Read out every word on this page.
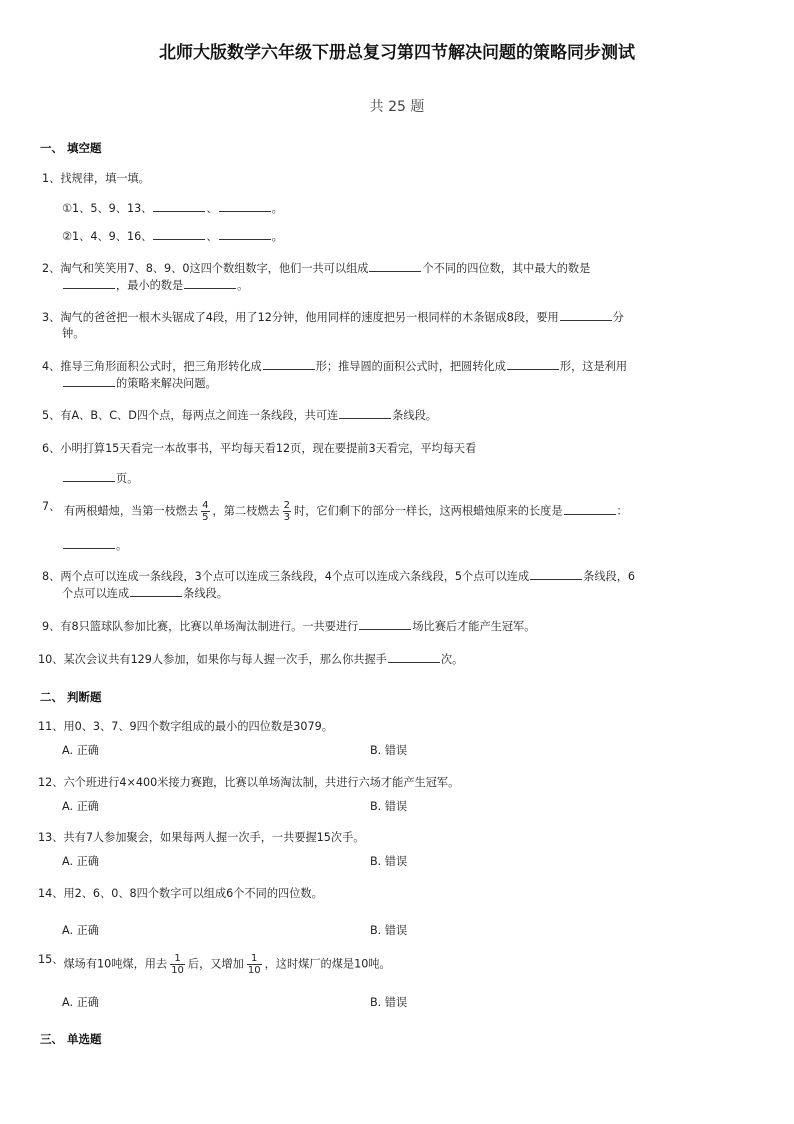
北师大版数学六年级下册总复习第四节解决问题的策略同步测试
共 25 题
一、 填空题
1、找规律，填一填。
①1、5、9、13、	、	。
②1、4、9、16、	、	。
2、淘气和笑笑用7、8、9、0这四个数组数字，他们一共可以组成	个不同的四位数，其中最大的数是
，最小的数是	。
3、淘气的爸爸把一根木头锯成了4段，用了12分钟，他用同样的速度把另一根同样的木条锯成8段，要用	分
钟。
4、推导三角形面积公式时，把三角形转化成	形；推导圆的面积公式时，把圆转化成	形，这是利用
的策略来解决问题。
5、有A、B、C、D四个点，每两点之间连一条线段，共可连	条线段。
6、小明打算15天看完一本故事书，平均每天看12页，现在要提前3天看完，平均每天看
页。
7、 有两根蜡烛，当第一枝燃去 $\frac{4}{5}$ ，第二枝燃去 $\frac{2}{3}$ 时，它们剩下的部分一样长，这两根蜡烛原来的长度是	：
。
8、两个点可以连成一条线段，3个点可以连成三条线段，4个点可以连成六条线段，5个点可以连成	条线段，6
个点可以连成	条线段。
9、有8只篮球队参加比赛，比赛以单场淘汰制进行。一共要进行	场比赛后才能产生冠军。
10、某次会议共有129人参加，如果你与每人握一次手，那么你共握手	次。
二、 判断题
11、用0、3、7、9四个数字组成的最小的四位数是3079。
A. 正确	B. 错误
12、六个班进行4×400米接力赛跑，比赛以单场淘汰制，共进行六场才能产生冠军。
A. 正确	B. 错误
13、共有7人参加聚会，如果每两人握一次手，一共要握15次手。
A. 正确	B. 错误
14、用2、6、0、8四个数字可以组成6个不同的四位数。
A. 正确	B. 错误
15、煤场有10吨煤，用去 $\frac{1}{10}$ 后，又增加 $\frac{1}{10}$ ，这时煤厂的煤是10吨。
A. 正确	B. 错误
三、 单选题
